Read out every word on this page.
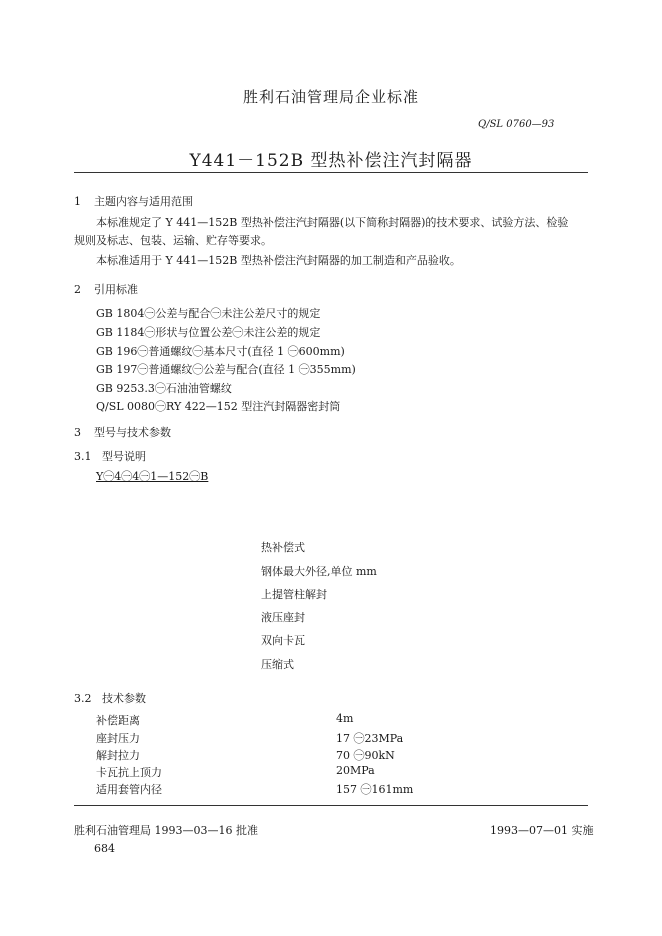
胜利石油管理局企业标准
Q/SL 0760—93
Y441－152B 型热补偿注汽封隔器
1 主题内容与适用范围
本标准规定了 Y 441—152B 型热补偿注汽封隔器(以下简称封隔器)的技术要求、试验方法、检验
规则及标志、包装、运输、贮存等要求。
本标准适用于 Y 441—152B 型热补偿注汽封隔器的加工制造和产品验收。
2 引用标准
GB 1804㊀公差与配合㊀未注公差尺寸的规定
GB 1184㊀形状与位置公差㊀未注公差的规定
GB 196㊀普通螺纹㊀基本尺寸(直径 1 ㊀600mm)
GB 197㊀普通螺纹㊀公差与配合(直径 1 ㊀355mm)
GB 9253.3㊀石油油管螺纹
Q/SL 0080㊀RY 422—152 型注汽封隔器密封筒
3 型号与技术参数
3.1 型号说明
Y㊀4㊀4㊀1—152㊀B
热补偿式
钢体最大外径,单位 mm
上提管柱解封
液压座封
双向卡瓦
压缩式
3.2 技术参数
补偿距离	4m
座封压力	17 ㊀23MPa
解封拉力	70 ㊀90kN
卡瓦抗上顶力	20MPa
适用套管内径	157 ㊀161mm
胜利石油管理局 1993—03—16 批准	1993—07—01 实施
684
